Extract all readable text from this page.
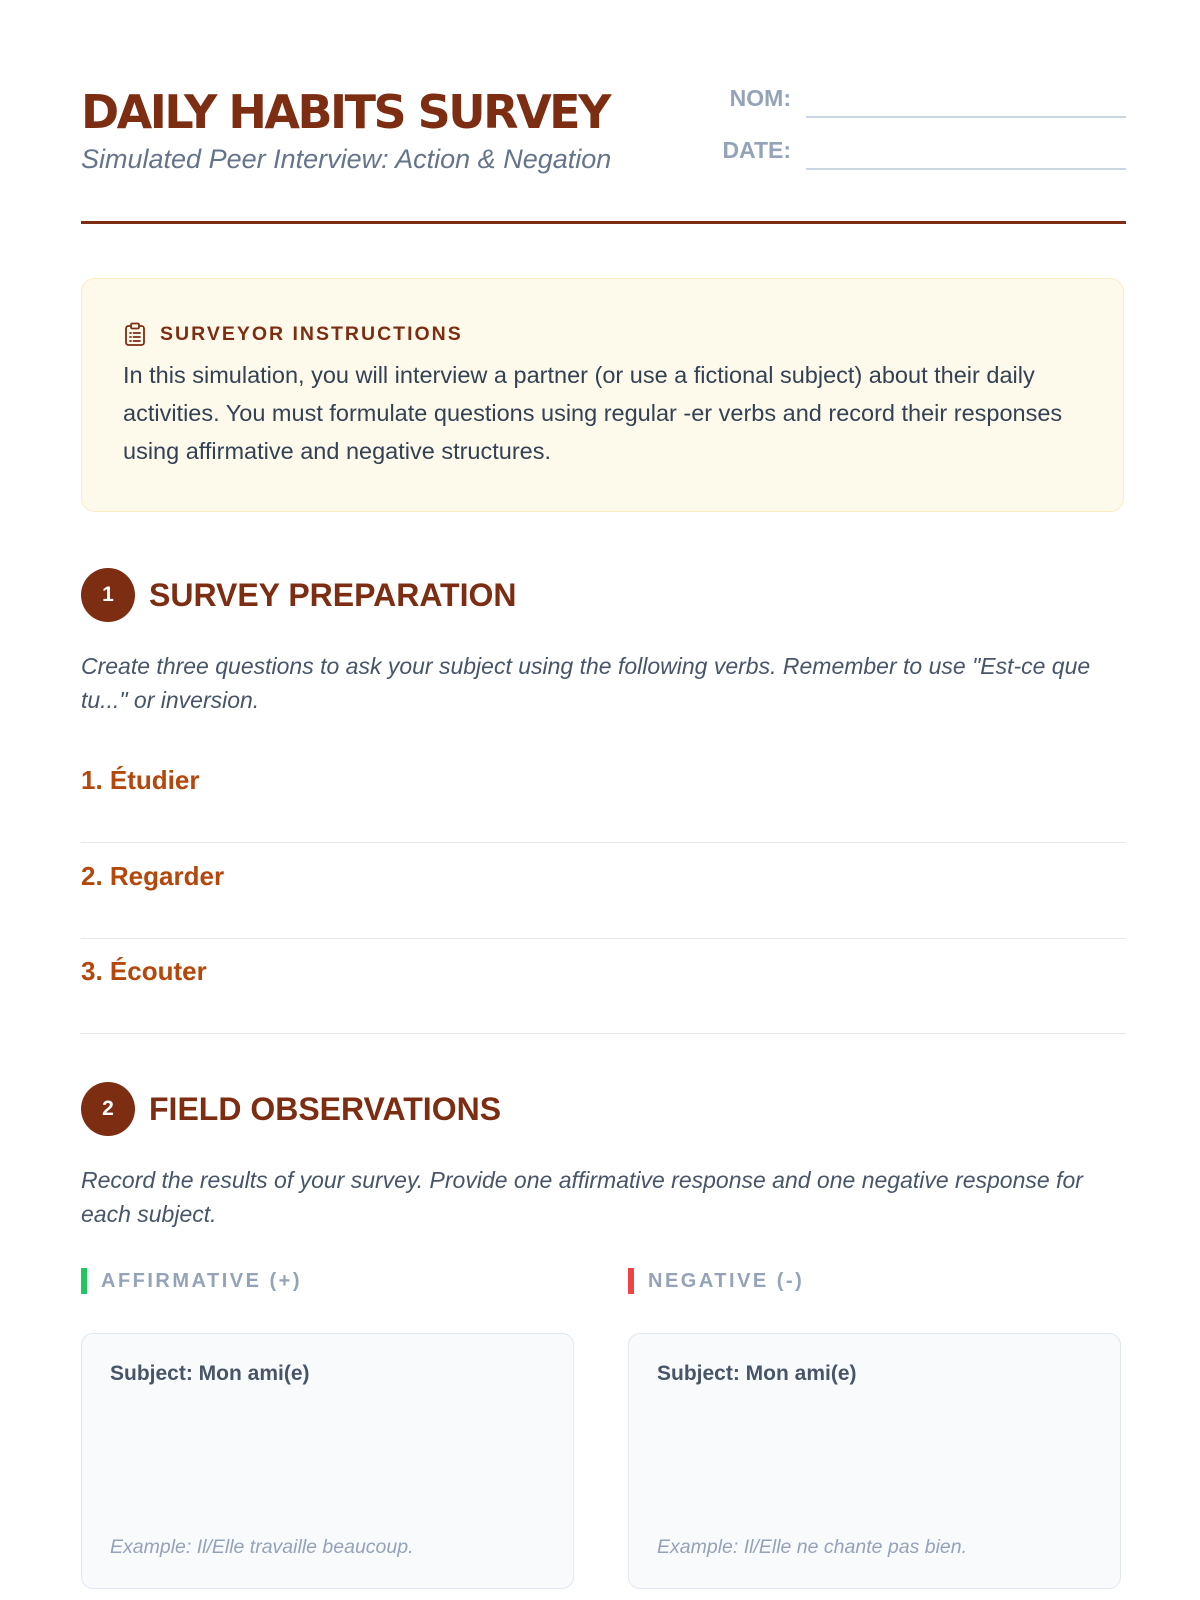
DAILY HABITS SURVEY
Simulated Peer Interview: Action & Negation
NOM:
DATE:
SURVEYOR INSTRUCTIONS
In this simulation, you will interview a partner (or use a fictional subject) about their daily activities. You must formulate questions using regular -er verbs and record their responses using affirmative and negative structures.
1	SURVEY PREPARATION
Create three questions to ask your subject using the following verbs. Remember to use "Est-ce que tu..." or inversion.
1. Étudier
2. Regarder
3. Écouter
2	FIELD OBSERVATIONS
Record the results of your survey. Provide one affirmative response and one negative response for each subject.
AFFIRMATIVE (+)	NEGATIVE (-)
Subject: Mon ami(e)
Example: Il/Elle travaille beaucoup.
Subject: Mon ami(e)
Example: Il/Elle ne chante pas bien.
